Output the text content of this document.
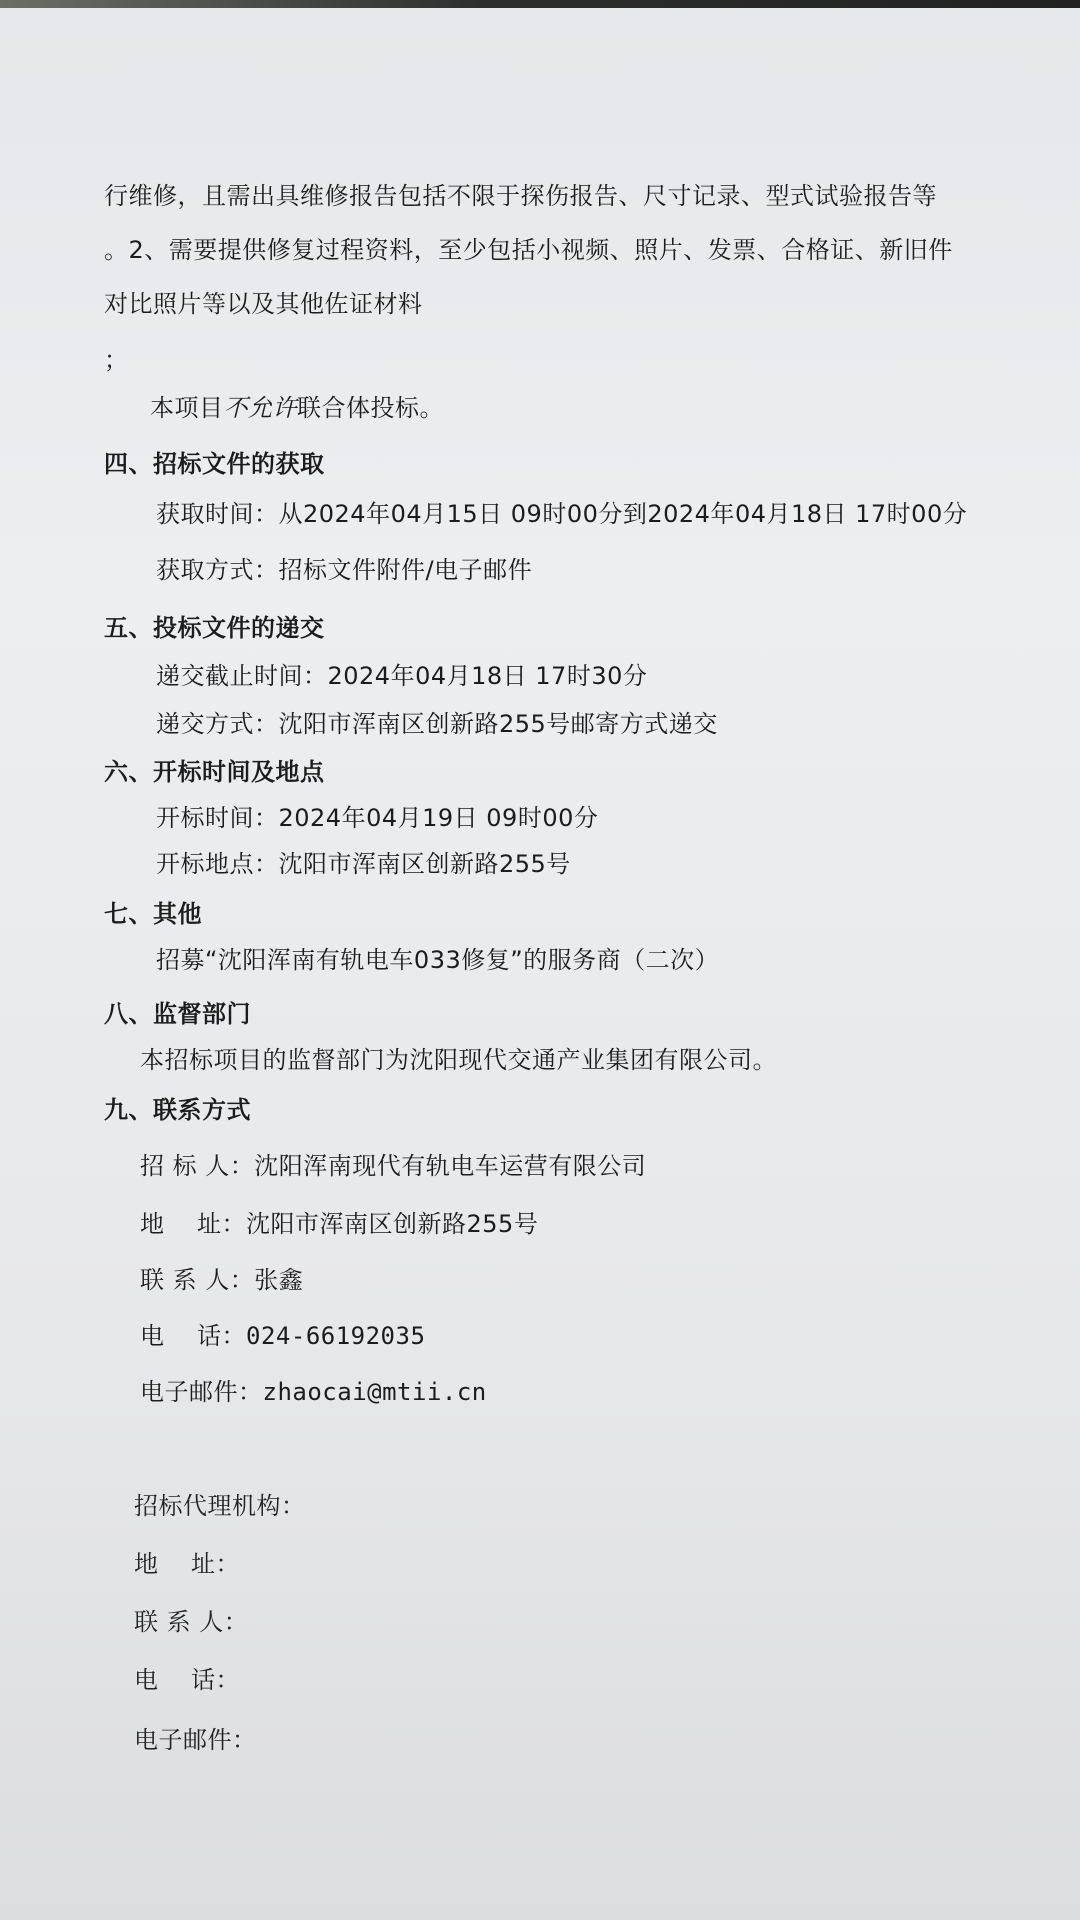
行维修，且需出具维修报告包括不限于探伤报告、尺寸记录、型式试验报告等
。2、需要提供修复过程资料，至少包括小视频、照片、发票、合格证、新旧件
对比照片等以及其他佐证材料
；
本项目不允许联合体投标。
四、招标文件的获取
获取时间：从2024年04月15日 09时00分到2024年04月18日 17时00分
获取方式：招标文件附件/电子邮件
五、投标文件的递交
递交截止时间：2024年04月18日 17时30分
递交方式：沈阳市浑南区创新路255号邮寄方式递交
六、开标时间及地点
开标时间：2024年04月19日 09时00分
开标地点：沈阳市浑南区创新路255号
七、其他
招募“沈阳浑南有轨电车033修复”的服务商（二次）
八、监督部门
本招标项目的监督部门为沈阳现代交通产业集团有限公司。
九、联系方式
招 标 人：沈阳浑南现代有轨电车运营有限公司
地    址：沈阳市浑南区创新路255号
联 系 人：张鑫
电    话：024-66192035
电子邮件：zhaocai@mtii.cn
招标代理机构：
地    址：
联 系 人：
电    话：
电子邮件：
